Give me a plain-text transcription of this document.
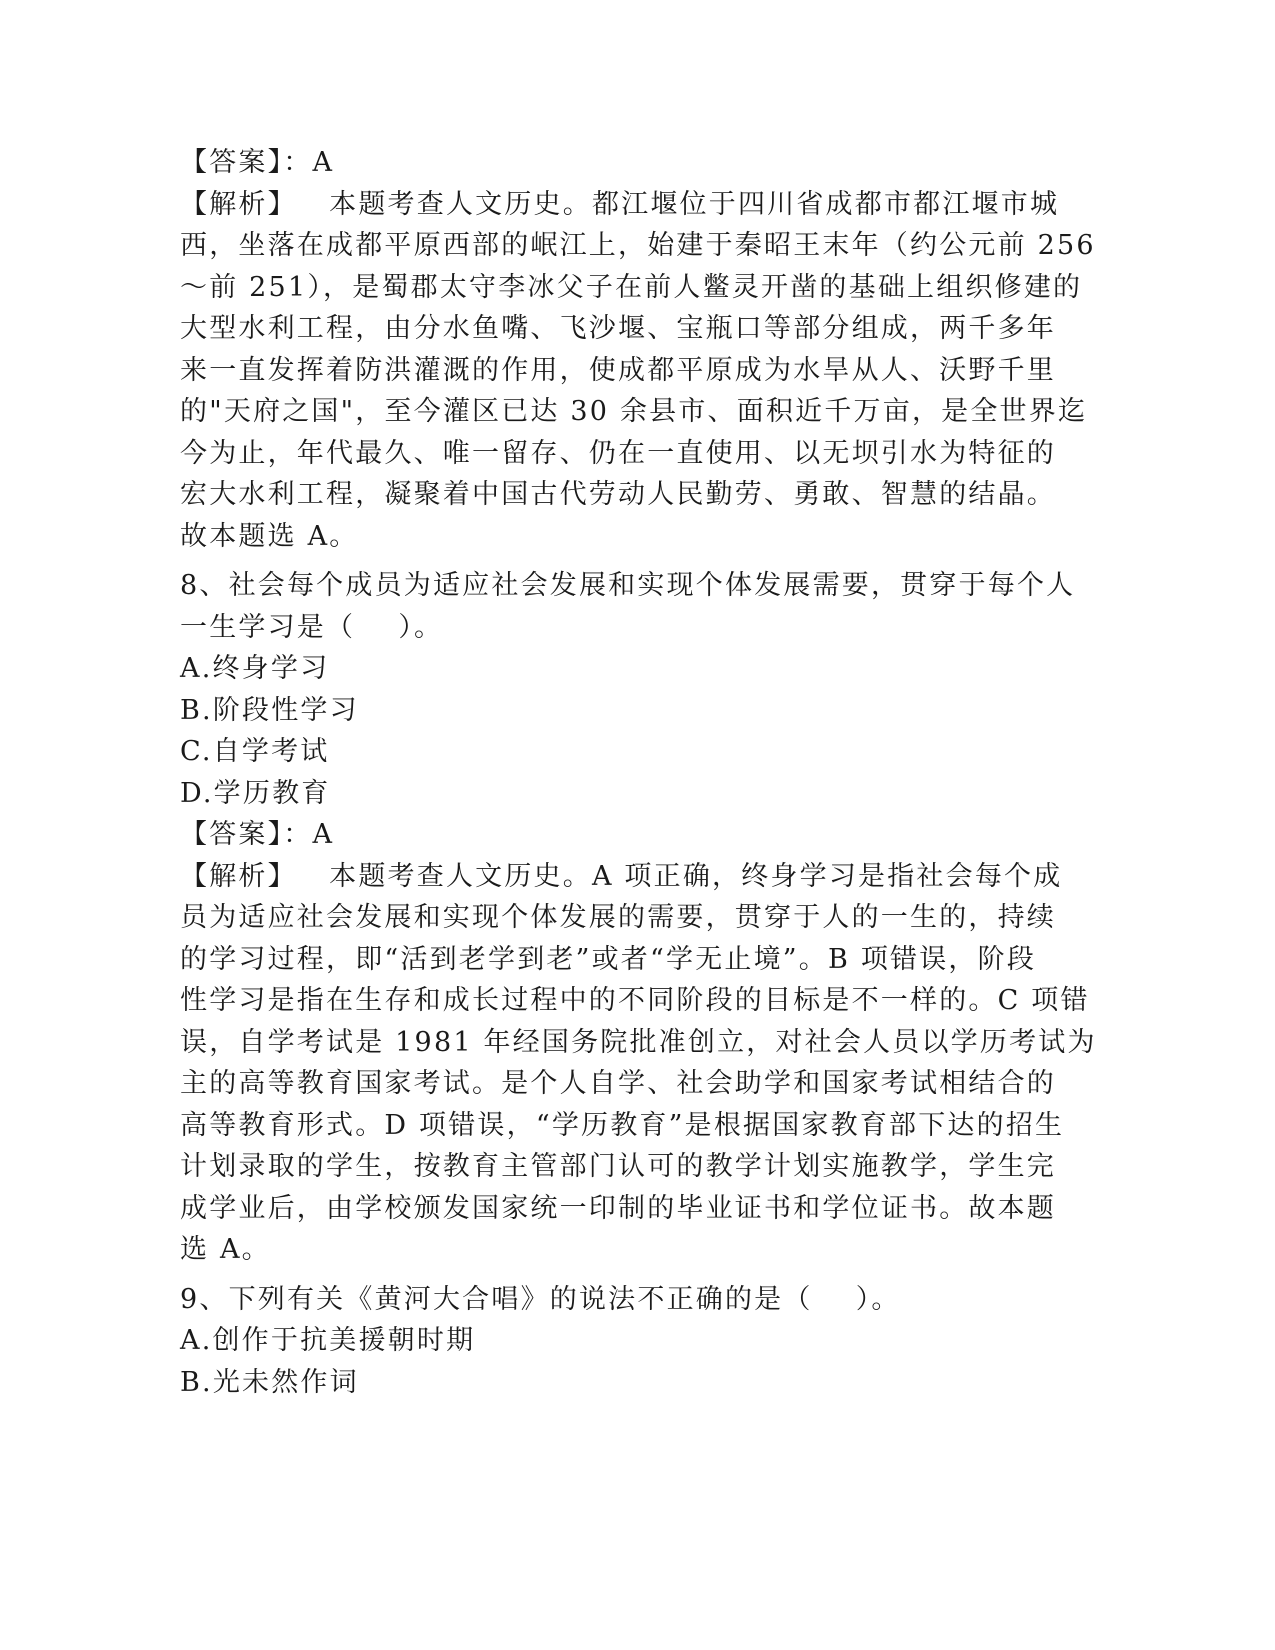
【答案】：A
【解析】   本题考查人文历史。都江堰位于四川省成都市都江堰市城
西，坐落在成都平原西部的岷江上，始建于秦昭王末年（约公元前 256
～前 251），是蜀郡太守李冰父子在前人鳖灵开凿的基础上组织修建的
大型水利工程，由分水鱼嘴、飞沙堰、宝瓶口等部分组成，两千多年
来一直发挥着防洪灌溉的作用，使成都平原成为水旱从人、沃野千里
的"天府之国"，至今灌区已达 30 余县市、面积近千万亩，是全世界迄
今为止，年代最久、唯一留存、仍在一直使用、以无坝引水为特征的
宏大水利工程，凝聚着中国古代劳动人民勤劳、勇敢、智慧的结晶。
故本题选 A。
8、社会每个成员为适应社会发展和实现个体发展需要，贯穿于每个人
一生学习是（    ）。
A.终身学习
B.阶段性学习
C.自学考试
D.学历教育
【答案】：A
【解析】   本题考查人文历史。A 项正确，终身学习是指社会每个成
员为适应社会发展和实现个体发展的需要，贯穿于人的一生的，持续
的学习过程，即“活到老学到老”或者“学无止境”。B 项错误，阶段
性学习是指在生存和成长过程中的不同阶段的目标是不一样的。C 项错
误，自学考试是 1981 年经国务院批准创立，对社会人员以学历考试为
主的高等教育国家考试。是个人自学、社会助学和国家考试相结合的
高等教育形式。D 项错误，“学历教育”是根据国家教育部下达的招生
计划录取的学生，按教育主管部门认可的教学计划实施教学，学生完
成学业后，由学校颁发国家统一印制的毕业证书和学位证书。故本题
选 A。
9、下列有关《黄河大合唱》的说法不正确的是（    ）。
A.创作于抗美援朝时期
B.光未然作词
